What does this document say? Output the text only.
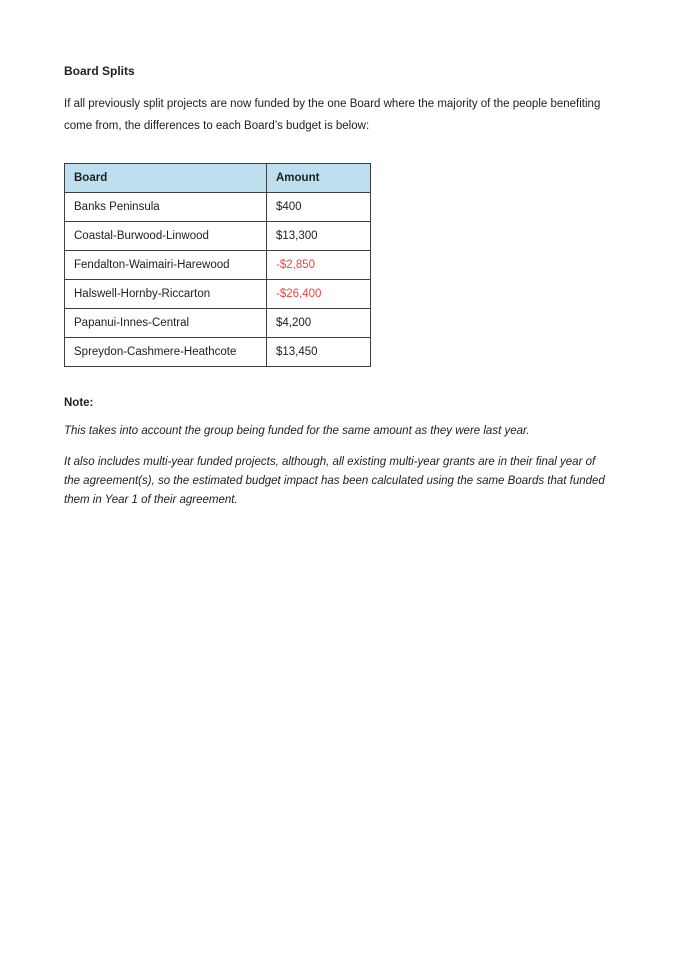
Board Splits

If all previously split projects are now funded by the one Board where the majority of the people benefiting come from, the differences to each Board’s budget is below:

Board	Amount
Banks Peninsula	$400
Coastal-Burwood-Linwood	$13,300
Fendalton-Waimairi-Harewood	-$2,850
Halswell-Hornby-Riccarton	-$26,400
Papanui-Innes-Central	$4,200
Spreydon-Cashmere-Heathcote	$13,450

Note:

This takes into account the group being funded for the same amount as they were last year.

It also includes multi-year funded projects, although, all existing multi-year grants are in their final year of the agreement(s), so the estimated budget impact has been calculated using the same Boards that funded them in Year 1 of their agreement.
